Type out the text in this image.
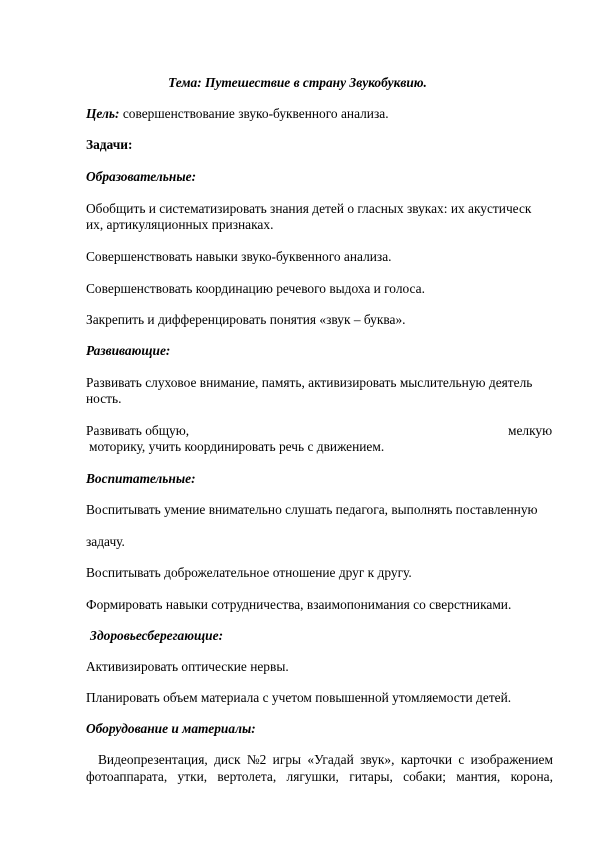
Тема: Путешествие в страну Звукобуквию.
Цель: совершенствование звуко-буквенного анализа.
Задачи:
Образовательные:
Обобщить и систематизировать знания детей о гласных звуках: их акустическ
их, артикуляционных признаках.
Совершенствовать навыки звуко-буквенного анализа.
Совершенствовать координацию речевого выдоха и голоса.
Закрепить и дифференцировать понятия «звук – буква».
Развивающие:
Развивать слуховое внимание, память, активизировать мыслительную деятель
ность.
Развивать общую,	мелкую
моторику, учить координировать речь с движением.
Воспитательные:
Воспитывать умение внимательно слушать педагога, выполнять поставленную
задачу.
Воспитывать доброжелательное отношение друг к другу.
Формировать навыки сотрудничества, взаимопонимания со сверстниками.
Здоровьесберегающие:
Активизировать оптические нервы.
Планировать объем материала с учетом повышенной утомляемости детей.
Оборудование и материалы:
Видеопрезентация, диск №2 игры «Угадай звук», карточки с изображением
фотоаппарата, утки, вертолета, лягушки, гитары, собаки; мантия, корона,
